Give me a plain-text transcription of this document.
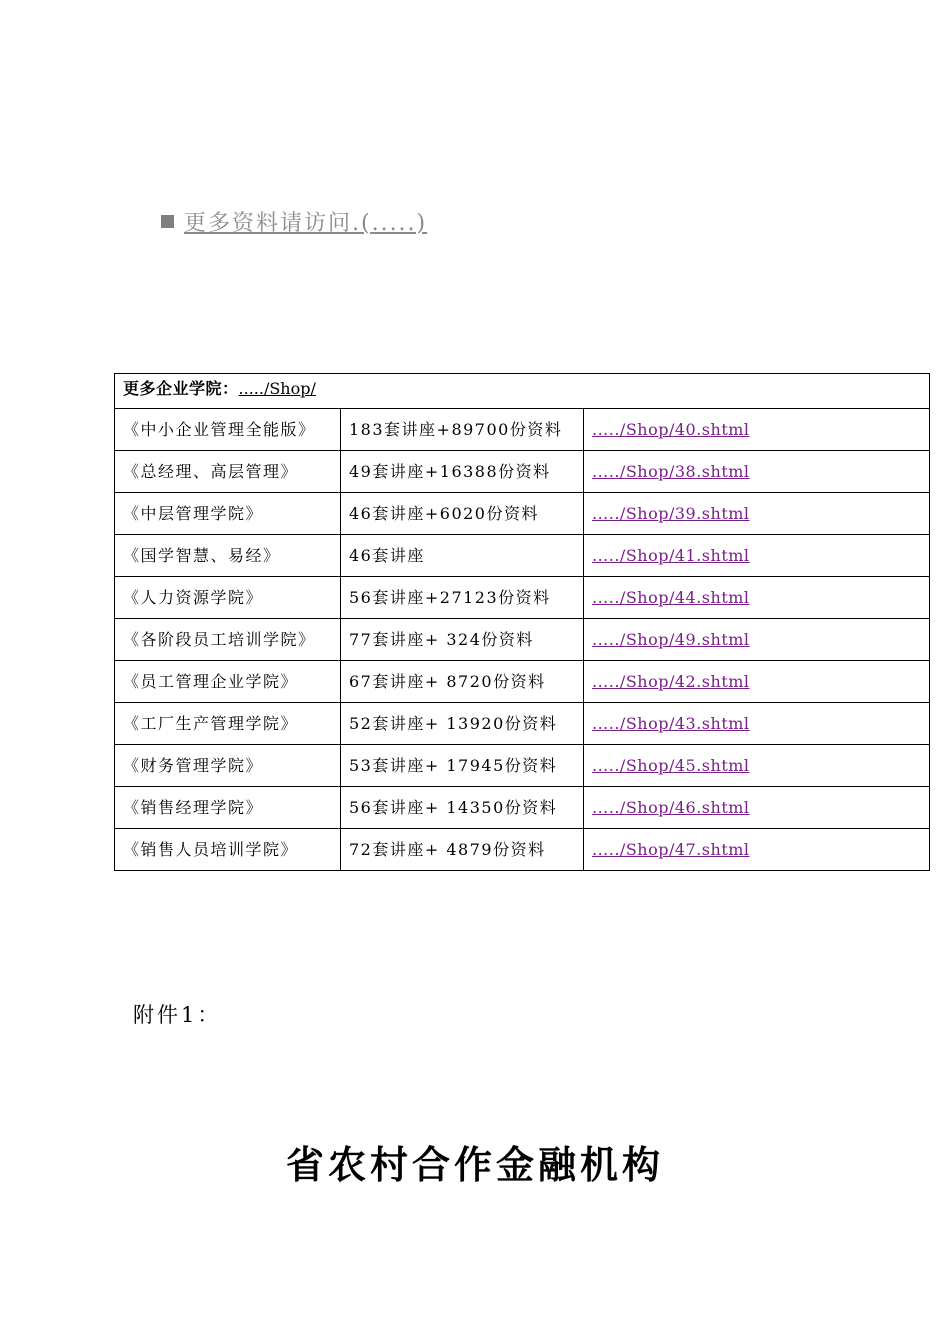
更多资料请访问.(.....)
更多企业学院：...../Shop/		
《中小企业管理全能版》	183套讲座+89700份资料	...../Shop/40.shtml
《总经理、高层管理》	49套讲座+16388份资料	...../Shop/38.shtml
《中层管理学院》	46套讲座+6020份资料	...../Shop/39.shtml
《国学智慧、易经》	46套讲座	...../Shop/41.shtml
《人力资源学院》	56套讲座+27123份资料	...../Shop/44.shtml
《各阶段员工培训学院》	77套讲座+ 324份资料	...../Shop/49.shtml
《员工管理企业学院》	67套讲座+ 8720份资料	...../Shop/42.shtml
《工厂生产管理学院》	52套讲座+ 13920份资料	...../Shop/43.shtml
《财务管理学院》	53套讲座+ 17945份资料	...../Shop/45.shtml
《销售经理学院》	56套讲座+ 14350份资料	...../Shop/46.shtml
《销售人员培训学院》	72套讲座+ 4879份资料	...../Shop/47.shtml
附件1：
省农村合作金融机构
